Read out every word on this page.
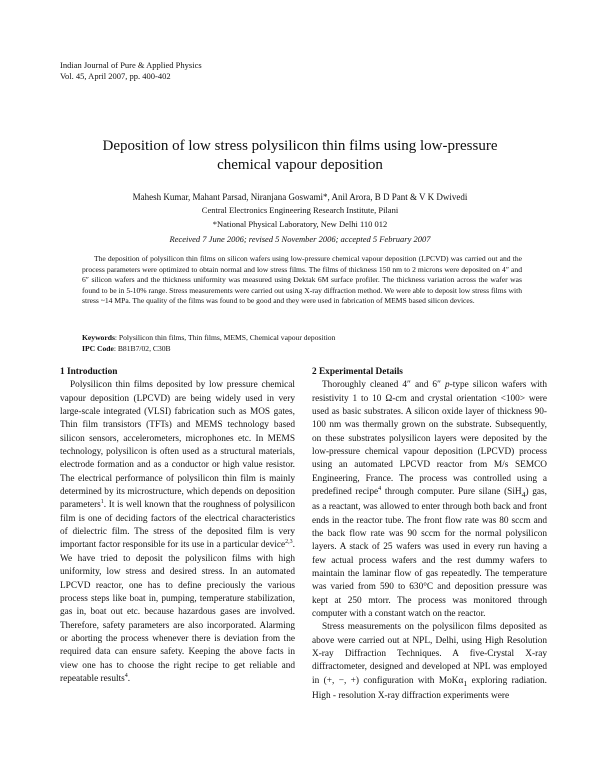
Indian Journal of Pure & Applied Physics
Vol. 45, April 2007, pp. 400-402
Deposition of low stress polysilicon thin films using low-pressure
chemical vapour deposition
Mahesh Kumar, Mahant Parsad, Niranjana Goswami*, Anil Arora, B D Pant & V K Dwivedi
Central Electronics Engineering Research Institute, Pilani
*National Physical Laboratory, New Delhi 110 012
Received 7 June 2006; revised 5 November 2006; accepted 5 February 2007

The deposition of polysilicon thin films on silicon wafers using low-pressure chemical vapour deposition (LPCVD) was carried out and the process parameters were optimized to obtain normal and low stress films. The films of thickness 150 nm to 2 microns were deposited on 4″ and 6″ silicon wafers and the thickness uniformity was measured using Dektak 6M surface profiler. The thickness variation across the wafer was found to be in 5-10% range. Stress measurements were carried out using X-ray diffraction method. We were able to deposit low stress films with stress ~14 MPa. The quality of the films was found to be good and they were used in fabrication of MEMS based silicon devices.

Keywords: Polysilicon thin films, Thin films, MEMS, Chemical vapour deposition
IPC Code: B81B7/02, C30B
1 Introduction

Polysilicon thin films deposited by low pressure chemical vapour deposition (LPCVD) are being widely used in very large-scale integrated (VLSI) fabrication such as MOS gates, Thin film transistors (TFTs) and MEMS technology based silicon sensors, accelerometers, microphones etc. In MEMS technology, polysilicon is often used as a structural materials, electrode formation and as a conductor or high value resistor. The electrical performance of polysilicon thin film is mainly determined by its microstructure, which depends on deposition parameters$^1$. It is well known that the roughness of polysilicon film is one of deciding factors of the electrical characteristics of dielectric film. The stress of the deposited film is very important factor responsible for its use in a particular device$^{2,3}$. We have tried to deposit the polysilicon films with high uniformity, low stress and desired stress. In an automated LPCVD reactor, one has to define preciously the various process steps like boat in, pumping, temperature stabilization, gas in, boat out etc. because hazardous gases are involved. Therefore, safety parameters are also incorporated. Alarming or aborting the process whenever there is deviation from the required data can ensure safety. Keeping the above facts in view one has to choose the right recipe to get reliable and repeatable results$^4$.

2 Experimental Details

Thoroughly cleaned 4″ and 6″ p-type silicon wafers with resistivity 1 to 10 Ω-cm and crystal orientation <100> were used as basic substrates. A silicon oxide layer of thickness 90-100 nm was thermally grown on the substrate. Subsequently, on these substrates polysilicon layers were deposited by the low-pressure chemical vapour deposition (LPCVD) process using an automated LPCVD reactor from M/s SEMCO Engineering, France. The process was controlled using a predefined recipe$^4$ through computer. Pure silane (SiH$_4$) gas, as a reactant, was allowed to enter through both back and front ends in the reactor tube. The front flow rate was 80 sccm and the back flow rate was 90 sccm for the normal polysilicon layers. A stack of 25 wafers was used in every run having a few actual process wafers and the rest dummy wafers to maintain the laminar flow of gas repeatedly. The temperature was varied from 590 to 630°C and deposition pressure was kept at 250 mtorr. The process was monitored through computer with a constant watch on the reactor.

Stress measurements on the polysilicon films deposited as above were carried out at NPL, Delhi, using High Resolution X-ray Diffraction Techniques. A five-Crystal X-ray diffractometer, designed and developed at NPL was employed in (+, −, +) configuration with MoKα$_1$ exploring radiation. High - resolution X-ray diffraction experiments were
